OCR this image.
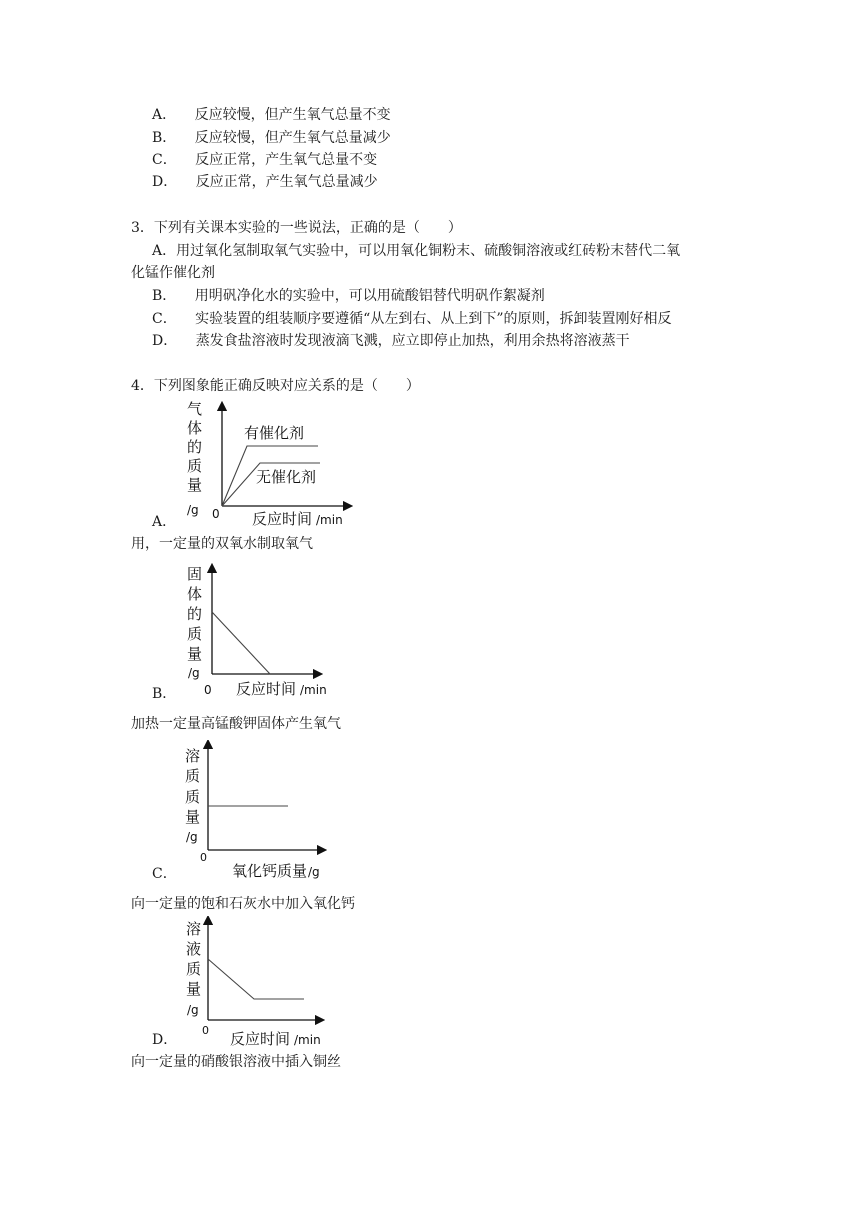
A． 反应较慢，但产生氧气总量不变
B． 反应较慢，但产生氧气总量减少
C． 反应正常，产生氧气总量不变
D． 反应正常，产生氧气总量减少
3．下列有关课本实验的一些说法，正确的是（　　）
A．用过氧化氢制取氧气实验中，可以用氧化铜粉末、硫酸铜溶液或红砖粉末替代二氧
化锰作催化剂
B． 用明矾净化水的实验中，可以用硫酸铝替代明矾作絮凝剂
C． 实验装置的组装顺序要遵循“从左到右、从上到下”的原则，拆卸装置刚好相反
D． 蒸发食盐溶液时发现液滴飞溅，应立即停止加热，利用余热将溶液蒸干
4．下列图象能正确反映对应关系的是（　　）
A．
有催化剂
无催化剂
气
体
的
质
量
/g 0 反应时间 /min
用，一定量的双氧水制取氧气
B．
固
体
的
质
量
/g
0 反应时间 /min
加热一定量高锰酸钾固体产生氧气
C．
溶
质
质
量
/g
0
氧化钙质量 /g
向一定量的饱和石灰水中加入氧化钙
D．
溶
液
质
量
/g
0 反应时间 /min
向一定量的硝酸银溶液中插入铜丝
